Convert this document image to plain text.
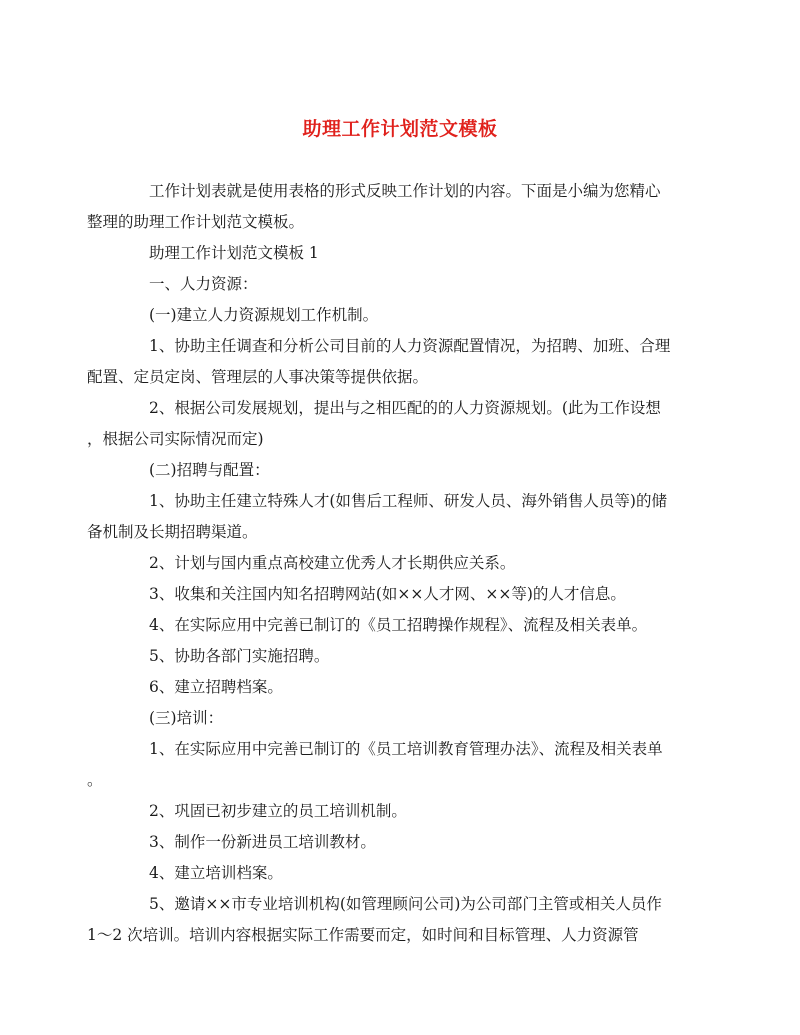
助理工作计划范文模板

工作计划表就是使用表格的形式反映工作计划的内容。下面是小编为您精心
整理的助理工作计划范文模板。

助理工作计划范文模板 1

一、人力资源：

(一)建立人力资源规划工作机制。

1、协助主任调查和分析公司目前的人力资源配置情况，为招聘、加班、合理
配置、定员定岗、管理层的人事决策等提供依据。

2、根据公司发展规划，提出与之相匹配的的人力资源规划。(此为工作设想
，根据公司实际情况而定)

(二)招聘与配置：

1、协助主任建立特殊人才(如售后工程师、研发人员、海外销售人员等)的储
备机制及长期招聘渠道。

2、计划与国内重点高校建立优秀人才长期供应关系。

3、收集和关注国内知名招聘网站(如××人才网、××等)的人才信息。

4、在实际应用中完善已制订的《员工招聘操作规程》、流程及相关表单。

5、协助各部门实施招聘。

6、建立招聘档案。

(三)培训：

1、在实际应用中完善已制订的《员工培训教育管理办法》、流程及相关表单
。

2、巩固已初步建立的员工培训机制。

3、制作一份新进员工培训教材。

4、建立培训档案。

5、邀请××市专业培训机构(如管理顾问公司)为公司部门主管或相关人员作
1～2 次培训。培训内容根据实际工作需要而定，如时间和目标管理、人力资源管
